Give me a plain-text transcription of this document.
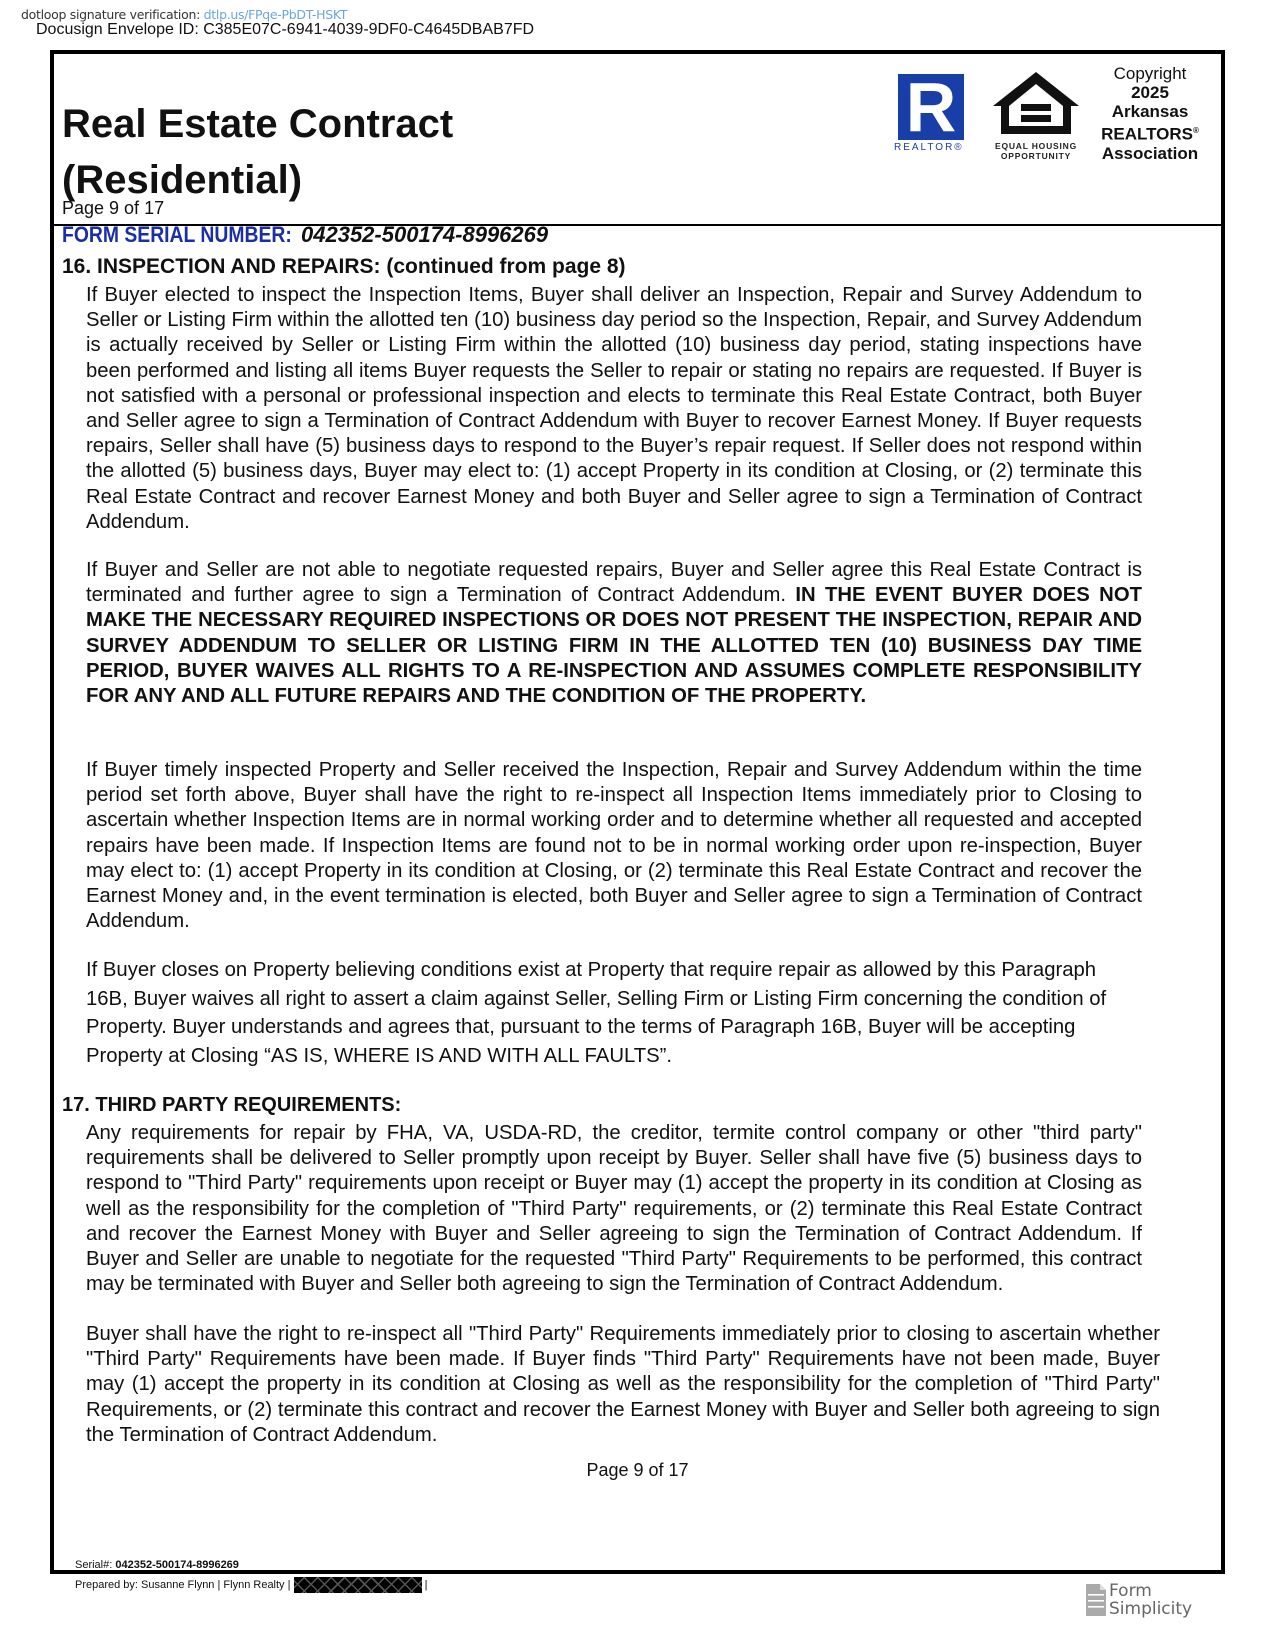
dotloop signature verification: dtlp.us/FPqe-PbDT-HSKT
Docusign Envelope ID: C385E07C-6941-4039-9DF0-C4645DBAB7FD
Real Estate Contract
(Residential)
Page 9 of 17
R
REALTOR®	EQUAL HOUSING
OPPORTUNITY
Copyright
2025
Arkansas
REALTORS®
Association
FORM SERIAL NUMBER: 042352-500174-8996269
16. INSPECTION AND REPAIRS: (continued from page 8)
If Buyer elected to inspect the Inspection Items, Buyer shall deliver an Inspection, Repair and Survey Addendum to Seller or Listing Firm within the allotted ten (10) business day period so the Inspection, Repair, and Survey Addendum is actually received by Seller or Listing Firm within the allotted (10) business day period, stating inspections have been performed and listing all items Buyer requests the Seller to repair or stating no repairs are requested. If Buyer is not satisfied with a personal or professional inspection and elects to terminate this Real Estate Contract, both Buyer and Seller agree to sign a Termination of Contract Addendum with Buyer to recover Earnest Money. If Buyer requests repairs, Seller shall have (5) business days to respond to the Buyer’s repair request. If Seller does not respond within the allotted (5) business days, Buyer may elect to: (1) accept Property in its condition at Closing, or (2) terminate this Real Estate Contract and recover Earnest Money and both Buyer and Seller agree to sign a Termination of Contract Addendum.
If Buyer and Seller are not able to negotiate requested repairs, Buyer and Seller agree this Real Estate Contract is terminated and further agree to sign a Termination of Contract Addendum. IN THE EVENT BUYER DOES NOT MAKE THE NECESSARY REQUIRED INSPECTIONS OR DOES NOT PRESENT THE INSPECTION, REPAIR AND SURVEY ADDENDUM TO SELLER OR LISTING FIRM IN THE ALLOTTED TEN (10) BUSINESS DAY TIME PERIOD, BUYER WAIVES ALL RIGHTS TO A RE-INSPECTION AND ASSUMES COMPLETE RESPONSIBILITY FOR ANY AND ALL FUTURE REPAIRS AND THE CONDITION OF THE PROPERTY.
If Buyer timely inspected Property and Seller received the Inspection, Repair and Survey Addendum within the time period set forth above, Buyer shall have the right to re-inspect all Inspection Items immediately prior to Closing to ascertain whether Inspection Items are in normal working order and to determine whether all requested and accepted repairs have been made. If Inspection Items are found not to be in normal working order upon re-inspection, Buyer may elect to: (1) accept Property in its condition at Closing, or (2) terminate this Real Estate Contract and recover the Earnest Money and, in the event termination is elected, both Buyer and Seller agree to sign a Termination of Contract Addendum.
If Buyer closes on Property believing conditions exist at Property that require repair as allowed by this Paragraph 16B, Buyer waives all right to assert a claim against Seller, Selling Firm or Listing Firm concerning the condition of Property. Buyer understands and agrees that, pursuant to the terms of Paragraph 16B, Buyer will be accepting Property at Closing “AS IS, WHERE IS AND WITH ALL FAULTS”.
17. THIRD PARTY REQUIREMENTS:
Any requirements for repair by FHA, VA, USDA-RD, the creditor, termite control company or other "third party" requirements shall be delivered to Seller promptly upon receipt by Buyer. Seller shall have five (5) business days to respond to "Third Party" requirements upon receipt or Buyer may (1) accept the property in its condition at Closing as well as the responsibility for the completion of "Third Party" requirements, or (2) terminate this Real Estate Contract and recover the Earnest Money with Buyer and Seller agreeing to sign the Termination of Contract Addendum. If Buyer and Seller are unable to negotiate for the requested "Third Party" Requirements to be performed, this contract may be terminated with Buyer and Seller both agreeing to sign the Termination of Contract Addendum.
Buyer shall have the right to re-inspect all "Third Party" Requirements immediately prior to closing to ascertain whether "Third Party" Requirements have been made. If Buyer finds "Third Party" Requirements have not been made, Buyer may (1) accept the property in its condition at Closing as well as the responsibility for the completion of "Third Party" Requirements, or (2) terminate this contract and recover the Earnest Money with Buyer and Seller both agreeing to sign the Termination of Contract Addendum.
Page 9 of 17
Serial#: 042352-500174-8996269
Prepared by: Susanne Flynn | Flynn Realty |	|	Form
Simplicity
